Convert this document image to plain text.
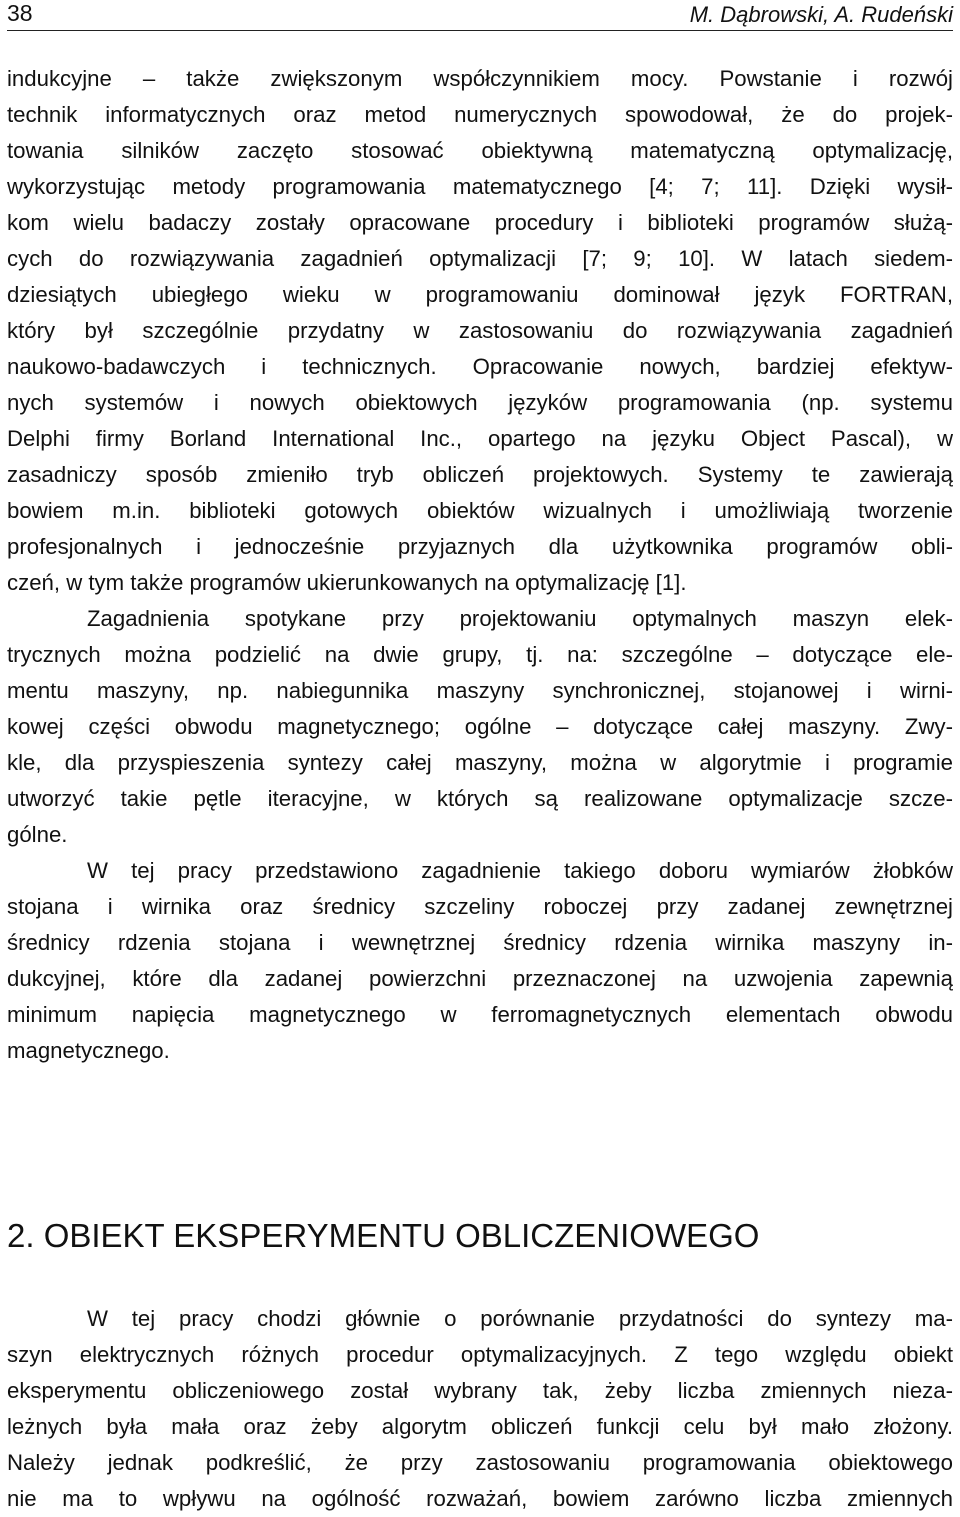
38	M. Dąbrowski, A. Rudeński
indukcyjne – także zwiększonym współczynnikiem mocy. Powstanie i rozwój
technik informatycznych oraz metod numerycznych spowodował, że do projek-
towania silników zaczęto stosować obiektywną matematyczną optymalizację,
wykorzystując metody programowania matematycznego [4; 7; 11]. Dzięki wysił-
kom wielu badaczy zostały opracowane procedury i biblioteki programów służą-
cych do rozwiązywania zagadnień optymalizacji [7; 9; 10]. W latach siedem-
dziesiątych ubiegłego wieku w programowaniu dominował język FORTRAN,
który był szczególnie przydatny w zastosowaniu do rozwiązywania zagadnień
naukowo-badawczych i technicznych. Opracowanie nowych, bardziej efektyw-
nych systemów i nowych obiektowych języków programowania (np. systemu
Delphi firmy Borland International Inc., opartego na języku Object Pascal), w
zasadniczy sposób zmieniło tryb obliczeń projektowych. Systemy te zawierają
bowiem m.in. biblioteki gotowych obiektów wizualnych i umożliwiają tworzenie
profesjonalnych i jednocześnie przyjaznych dla użytkownika programów obli-
czeń, w tym także programów ukierunkowanych na optymalizację [1].
Zagadnienia spotykane przy projektowaniu optymalnych maszyn elek-
trycznych można podzielić na dwie grupy, tj. na: szczególne – dotyczące ele-
mentu maszyny, np. nabiegunnika maszyny synchronicznej, stojanowej i wirni-
kowej części obwodu magnetycznego; ogólne – dotyczące całej maszyny. Zwy-
kle, dla przyspieszenia syntezy całej maszyny, można w algorytmie i programie
utworzyć takie pętle iteracyjne, w których są realizowane optymalizacje szcze-
gólne.
W tej pracy przedstawiono zagadnienie takiego doboru wymiarów żłobków
stojana i wirnika oraz średnicy szczeliny roboczej przy zadanej zewnętrznej
średnicy rdzenia stojana i wewnętrznej średnicy rdzenia wirnika maszyny in-
dukcyjnej, które dla zadanej powierzchni przeznaczonej na uzwojenia zapewnią
minimum napięcia magnetycznego w ferromagnetycznych elementach obwodu
magnetycznego.
2. OBIEKT EKSPERYMENTU OBLICZENIOWEGO
W tej pracy chodzi głównie o porównanie przydatności do syntezy ma-
szyn elektrycznych różnych procedur optymalizacyjnych. Z tego względu obiekt
eksperymentu obliczeniowego został wybrany tak, żeby liczba zmiennych nieza-
leżnych była mała oraz żeby algorytm obliczeń funkcji celu był mało złożony.
Należy jednak podkreślić, że przy zastosowaniu programowania obiektowego
nie ma to wpływu na ogólność rozważań, bowiem zarówno liczba zmiennych
